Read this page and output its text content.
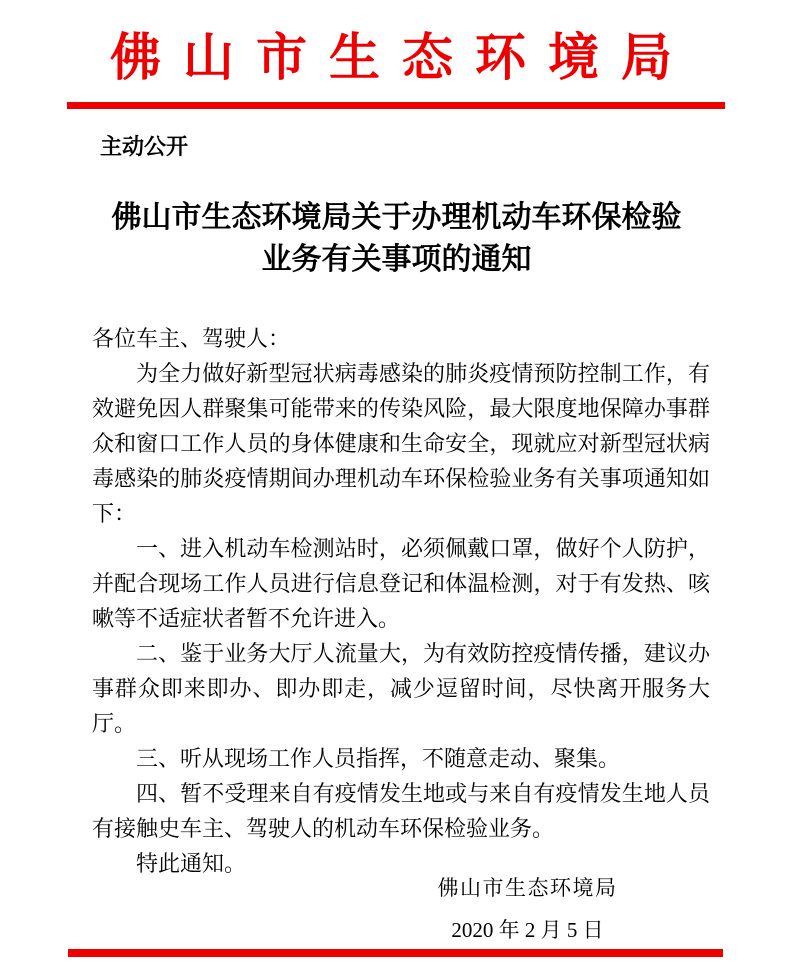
佛山市生态环境局
主动公开
佛山市生态环境局关于办理机动车环保检验业务有关事项的通知

各位车主、驾驶人：

为全力做好新型冠状病毒感染的肺炎疫情预防控制工作，有效避免因人群聚集可能带来的传染风险，最大限度地保障办事群众和窗口工作人员的身体健康和生命安全，现就应对新型冠状病毒感染的肺炎疫情期间办理机动车环保检验业务有关事项通知如下：

一、进入机动车检测站时，必须佩戴口罩，做好个人防护，并配合现场工作人员进行信息登记和体温检测，对于有发热、咳嗽等不适症状者暂不允许进入。

二、鉴于业务大厅人流量大，为有效防控疫情传播，建议办事群众即来即办、即办即走，减少逗留时间，尽快离开服务大厅。

三、听从现场工作人员指挥，不随意走动、聚集。

四、暂不受理来自有疫情发生地或与来自有疫情发生地人员有接触史车主、驾驶人的机动车环保检验业务。

特此通知。

佛山市生态环境局
2020 年 2 月 5 日
